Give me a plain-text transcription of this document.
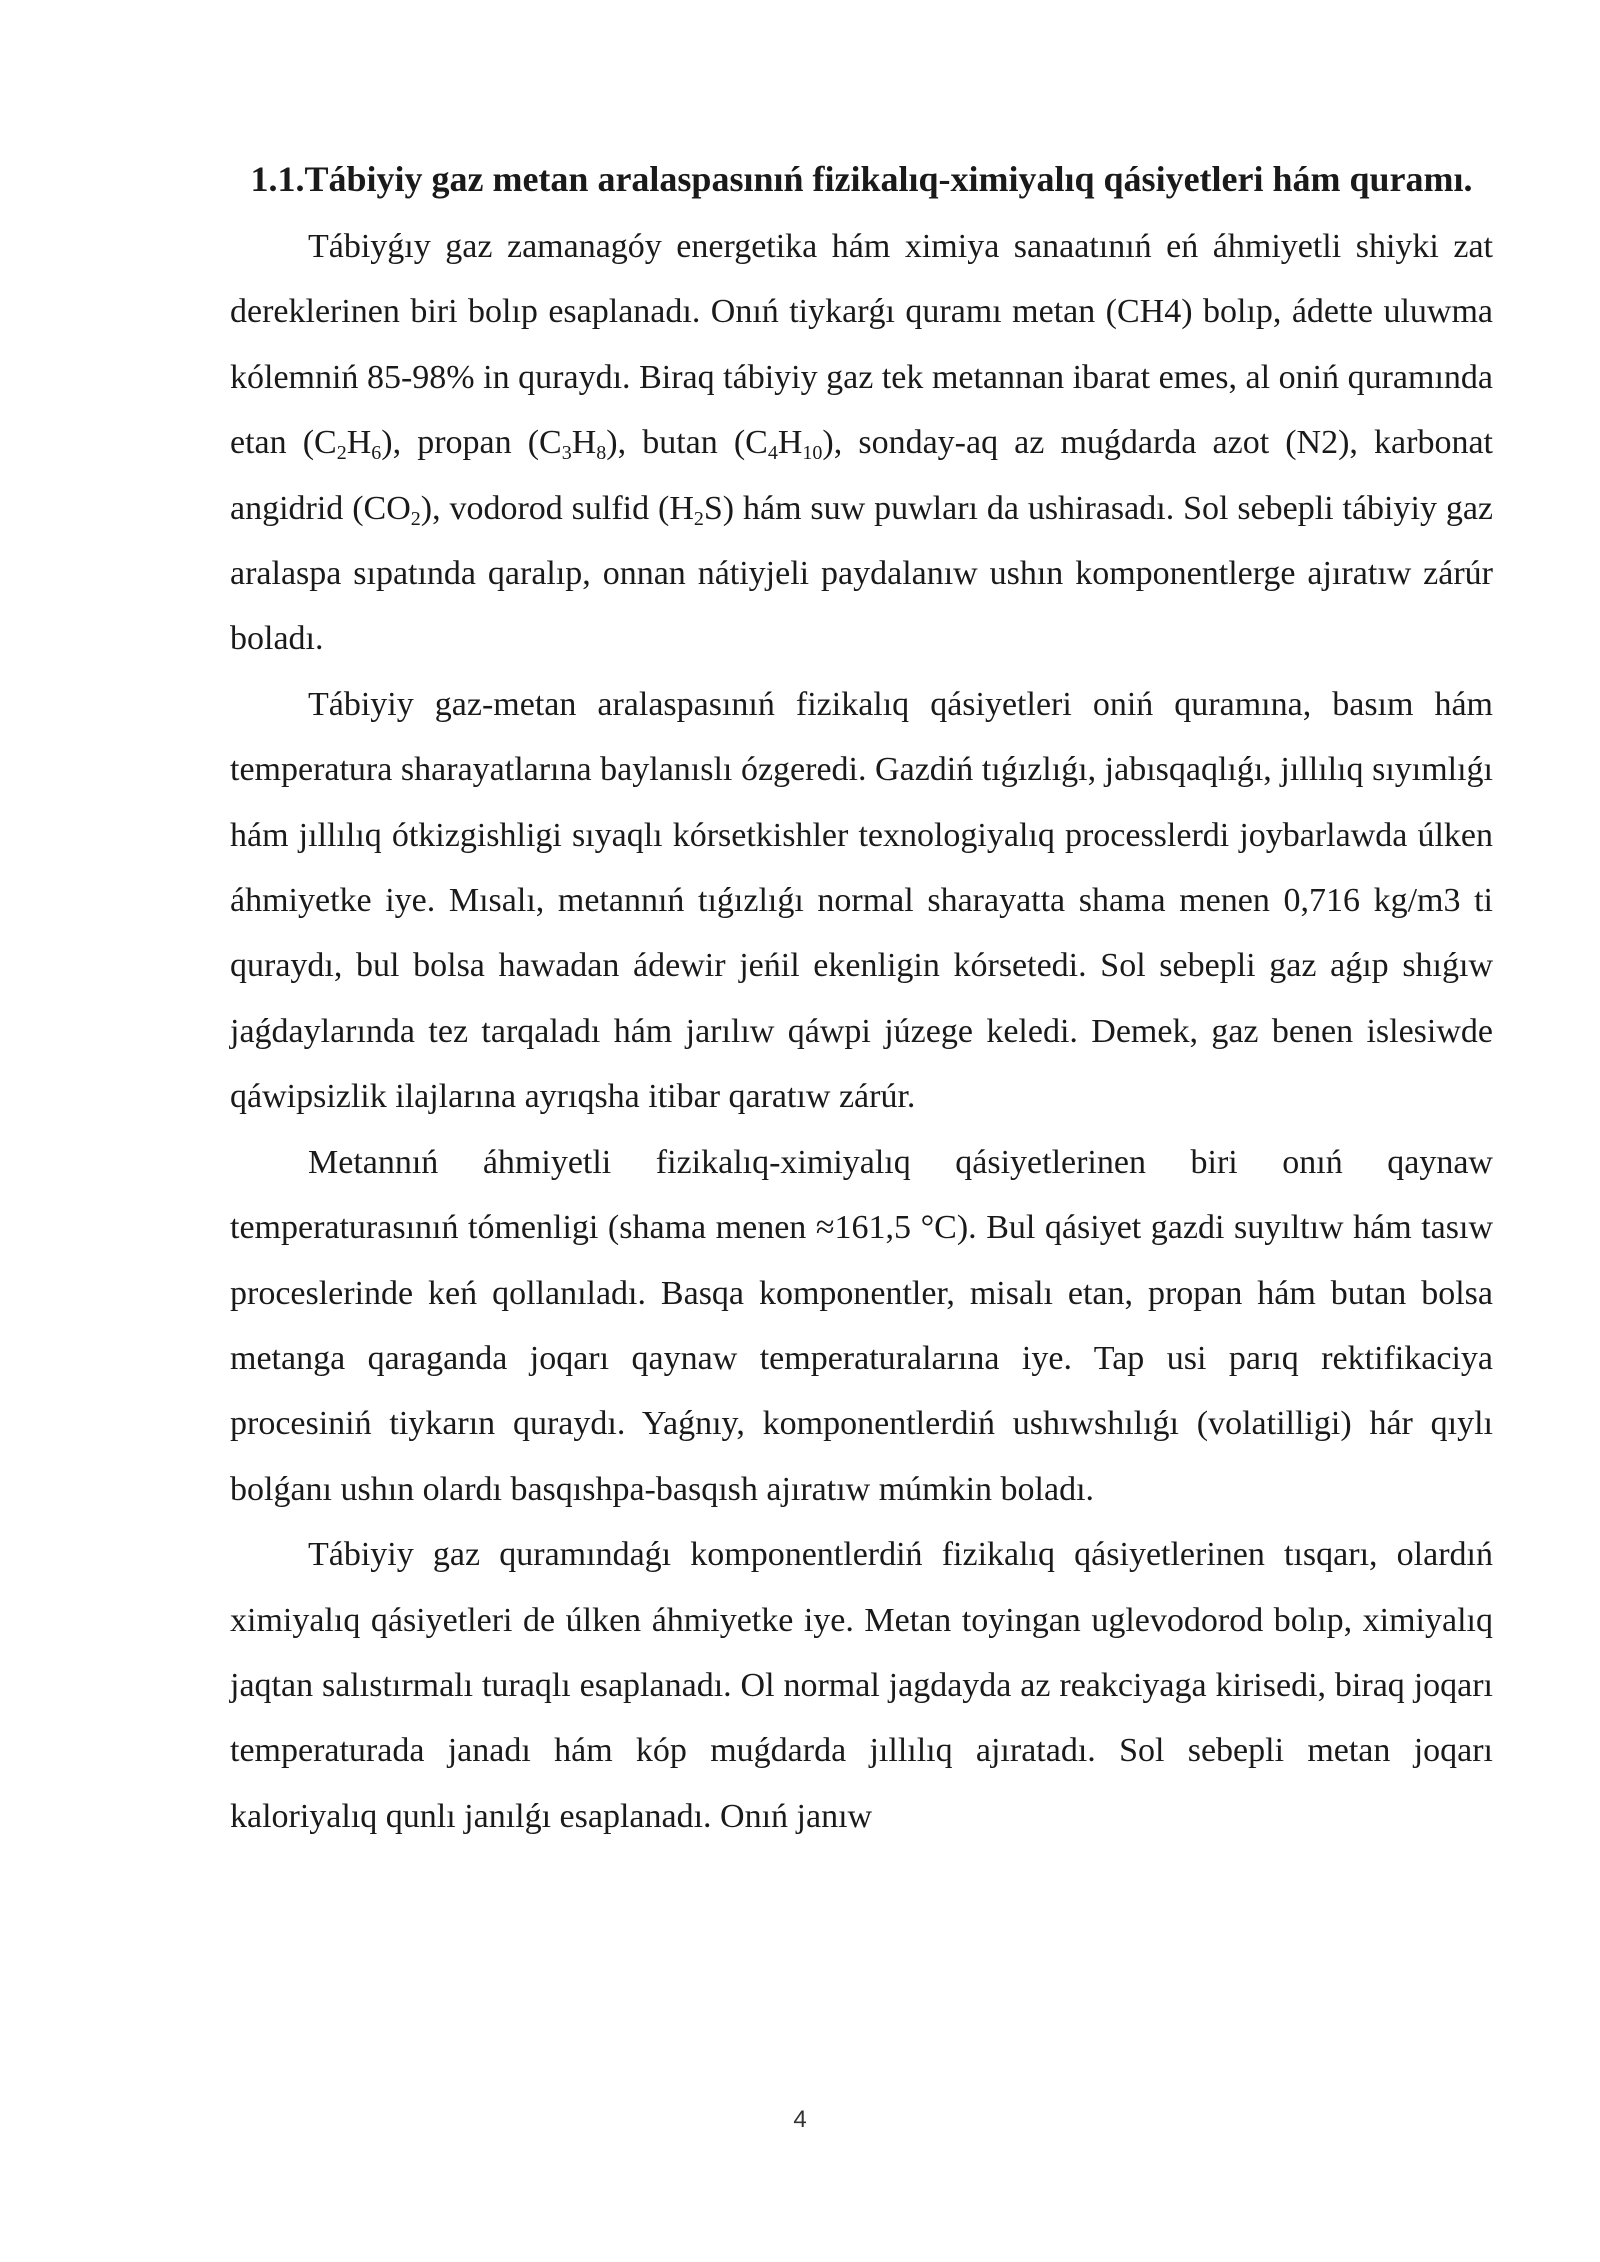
1.1.Tábiyiy gaz metan aralaspasınıń fizikalıq-ximiyalıq qásiyetleri hám quramı.

Tábiyǵıy gaz zamanagóy energetika hám ximiya sanaatınıń eń áhmiyetli shiyki zat dereklerinen biri bolıp esaplanadı. Onıń tiykarǵı quramı metan (CH4) bolıp, ádette uluwma kólemniń 85-98% in quraydı. Biraq tábiyiy gaz tek metannan ibarat emes, al oniń quramında etan $(C_2H_6)$, propan $(C_3H_8)$, butan $(C_4H_{10})$, sonday-aq az muǵdarda azot (N2), karbonat angidrid $(CO_2)$, vodorod sulfid $(H_2S)$ hám suw puwları da ushirasadı. Sol sebepli tábiyiy gaz aralaspa sıpatında qaralıp, onnan nátiyjeli paydalanıw ushın komponentlerge ajıratıw zárúr boladı.

Tábiyiy gaz-metan aralaspasınıń fizikalıq qásiyetleri oniń quramına, basım hám temperatura sharayatlarına baylanıslı ózgeredi. Gazdiń tıǵızlıǵı, jabısqaqlıǵı, jıllılıq sıyımlıǵı hám jıllılıq ótkizgishligi sıyaqlı kórsetkishler texnologiyalıq processlerdi joybarlawda úlken áhmiyetke iye. Mısalı, metannıń tıǵızlıǵı normal sharayatta shama menen 0,716 kg/m3 ti quraydı, bul bolsa hawadan ádewir jeńil ekenligin kórsetedi. Sol sebepli gaz aǵıp shıǵıw jaǵdaylarında tez tarqaladı hám jarılıw qáwpi júzege keledi. Demek, gaz benen islesiwde qáwipsizlik ilajlarına ayrıqsha itibar qaratıw zárúr.

Metannıń áhmiyetli fizikalıq-ximiyalıq qásiyetlerinen biri onıń qaynaw temperaturasınıń tómenligi (shama menen ≈161,5 °C). Bul qásiyet gazdi suyıltıw hám tasıw proceslerinde keń qollanıladı. Basqa komponentler, misalı etan, propan hám butan bolsa metanga qaraganda joqarı qaynaw temperaturalarına iye. Tap usi parıq rektifikaciya procesiniń tiykarın quraydı. Yaǵnıy, komponentlerdiń ushıwshılıǵı (volatilligi) hár qıylı bolǵanı ushın olardı basqıshpa-basqısh ajıratıw múmkin boladı.

Tábiyiy gaz quramındaǵı komponentlerdiń fizikalıq qásiyetlerinen tısqarı, olardıń ximiyalıq qásiyetleri de úlken áhmiyetke iye. Metan toyingan uglevodorod bolıp, ximiyalıq jaqtan salıstırmalı turaqlı esaplanadı. Ol normal jagdayda az reakciyaga kirisedi, biraq joqarı temperaturada janadı hám kóp muǵdarda jıllılıq ajıratadı. Sol sebepli metan joqarı kaloriyalıq qunlı janılǵı esaplanadı. Onıń janıw

4
